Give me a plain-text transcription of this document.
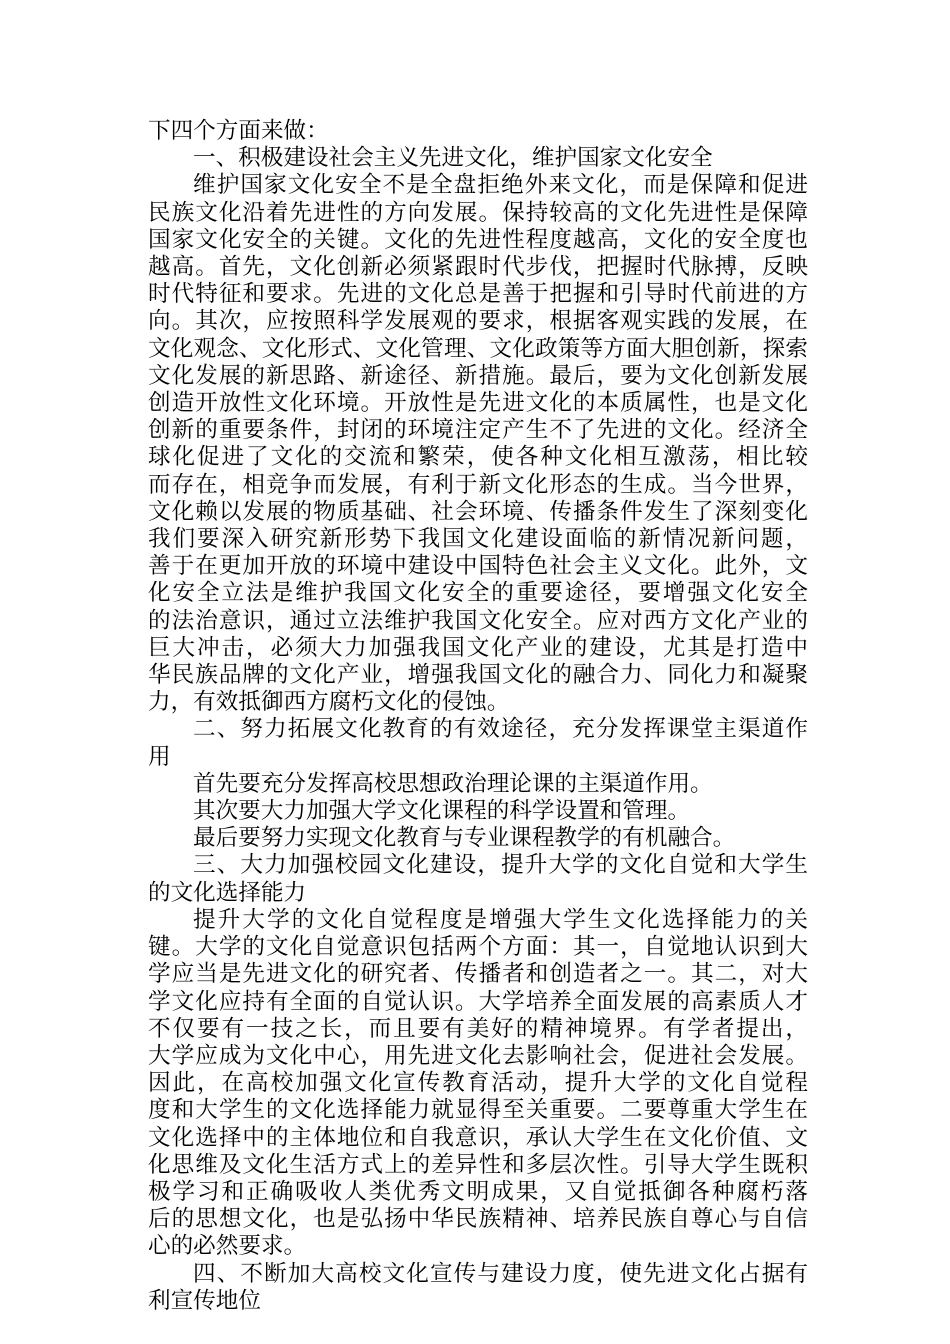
下四个方面来做：

一、积极建设社会主义先进文化，维护国家文化安全

维护国家文化安全不是全盘拒绝外来文化，而是保障和促进

民族文化沿着先进性的方向发展。保持较高的文化先进性是保障

国家文化安全的关键。文化的先进性程度越高，文化的安全度也

越高。首先，文化创新必须紧跟时代步伐，把握时代脉搏，反映

时代特征和要求。先进的文化总是善于把握和引导时代前进的方

向。其次，应按照科学发展观的要求，根据客观实践的发展，在

文化观念、文化形式、文化管理、文化政策等方面大胆创新，探索

文化发展的新思路、新途径、新措施。最后，要为文化创新发展

创造开放性文化环境。开放性是先进文化的本质属性，也是文化

创新的重要条件，封闭的环境注定产生不了先进的文化。经济全

球化促进了文化的交流和繁荣，使各种文化相互激荡，相比较

而存在，相竞争而发展，有利于新文化形态的生成。当今世界，

文化赖以发展的物质基础、社会环境、传播条件发生了深刻变化

我们要深入研究新形势下我国文化建设面临的新情况新问题，

善于在更加开放的环境中建设中国特色社会主义文化。此外，文

化安全立法是维护我国文化安全的重要途径，要增强文化安全

的法治意识，通过立法维护我国文化安全。应对西方文化产业的

巨大冲击，必须大力加强我国文化产业的建设，尤其是打造中

华民族品牌的文化产业，增强我国文化的融合力、同化力和凝聚

力，有效抵御西方腐朽文化的侵蚀。

二、努力拓展文化教育的有效途径，充分发挥课堂主渠道作

用

首先要充分发挥高校思想政治理论课的主渠道作用。

其次要大力加强大学文化课程的科学设置和管理。

最后要努力实现文化教育与专业课程教学的有机融合。

三、大力加强校园文化建设，提升大学的文化自觉和大学生

的文化选择能力

提升大学的文化自觉程度是增强大学生文化选择能力的关

键。大学的文化自觉意识包括两个方面：其一，自觉地认识到大

学应当是先进文化的研究者、传播者和创造者之一。其二，对大

学文化应持有全面的自觉认识。大学培养全面发展的高素质人才

不仅要有一技之长，而且要有美好的精神境界。有学者提出，

大学应成为文化中心，用先进文化去影响社会，促进社会发展。

因此，在高校加强文化宣传教育活动，提升大学的文化自觉程

度和大学生的文化选择能力就显得至关重要。二要尊重大学生在

文化选择中的主体地位和自我意识，承认大学生在文化价值、文

化思维及文化生活方式上的差异性和多层次性。引导大学生既积

极学习和正确吸收人类优秀文明成果，又自觉抵御各种腐朽落

后的思想文化，也是弘扬中华民族精神、培养民族自尊心与自信

心的必然要求。

四、不断加大高校文化宣传与建设力度，使先进文化占据有

利宣传地位
